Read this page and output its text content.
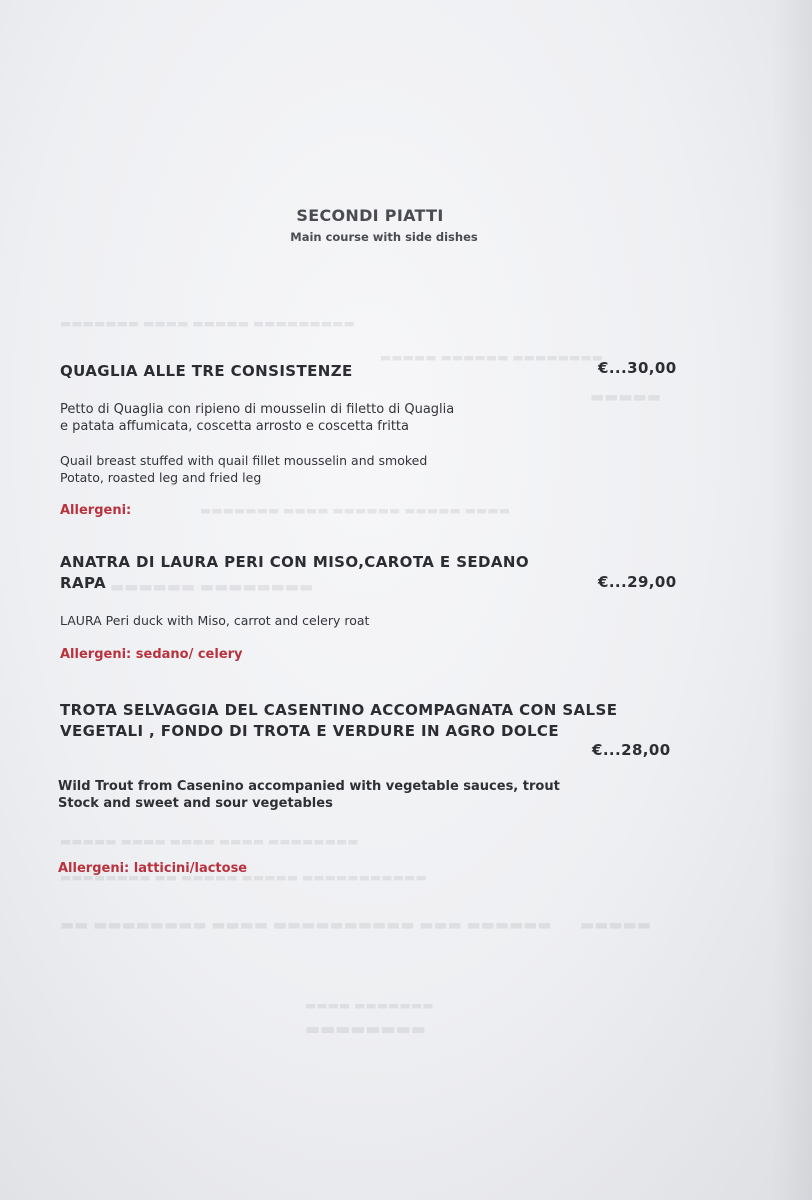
▬▬▬▬▬▬▬ ▬▬▬▬ ▬▬▬▬▬ ▬▬▬▬▬▬▬▬▬
▬▬▬▬▬ ▬▬▬▬▬▬ ▬▬▬▬▬▬▬▬
▬▬▬▬▬
▬▬▬▬▬▬▬ ▬▬▬▬ ▬▬▬▬▬▬ ▬▬▬▬▬ ▬▬▬▬
▬▬▬▬▬▬ ▬▬▬▬▬▬▬▬
▬▬▬▬▬ ▬▬▬▬ ▬▬▬▬ ▬▬▬▬ ▬▬▬▬▬▬▬▬
▬▬▬▬▬▬▬▬ ▬▬ ▬▬▬▬▬ ▬▬▬▬▬ ▬▬▬▬▬▬▬▬▬▬▬
▬▬ ▬▬▬▬▬▬▬▬ ▬▬▬▬ ▬▬▬▬▬▬▬▬▬▬ ▬▬▬ ▬▬▬▬▬▬ ▬▬▬▬▬
▬▬▬▬ ▬▬▬▬▬▬▬
▬▬▬▬▬▬▬▬
SECONDI PIATTI
Main course with side dishes
QUAGLIA ALLE TRE CONSISTENZE	€...30,00
Petto di Quaglia con ripieno di mousselin di filetto di Quaglia
e patata affumicata, coscetta arrosto e coscetta fritta
Quail breast stuffed with quail fillet mousselin and smoked
Potato, roasted leg and fried leg
Allergeni:
ANATRA DI LAURA PERI CON MISO,CAROTA E SEDANO
RAPA	€...29,00
LAURA Peri duck with Miso, carrot and celery roat
Allergeni: sedano/ celery
TROTA SELVAGGIA DEL CASENTINO ACCOMPAGNATA CON SALSE
VEGETALI , FONDO DI TROTA E VERDURE IN AGRO DOLCE
€...28,00
Wild Trout from Casenino accompanied with vegetable sauces, trout
Stock and sweet and sour vegetables
Allergeni: latticini/lactose
